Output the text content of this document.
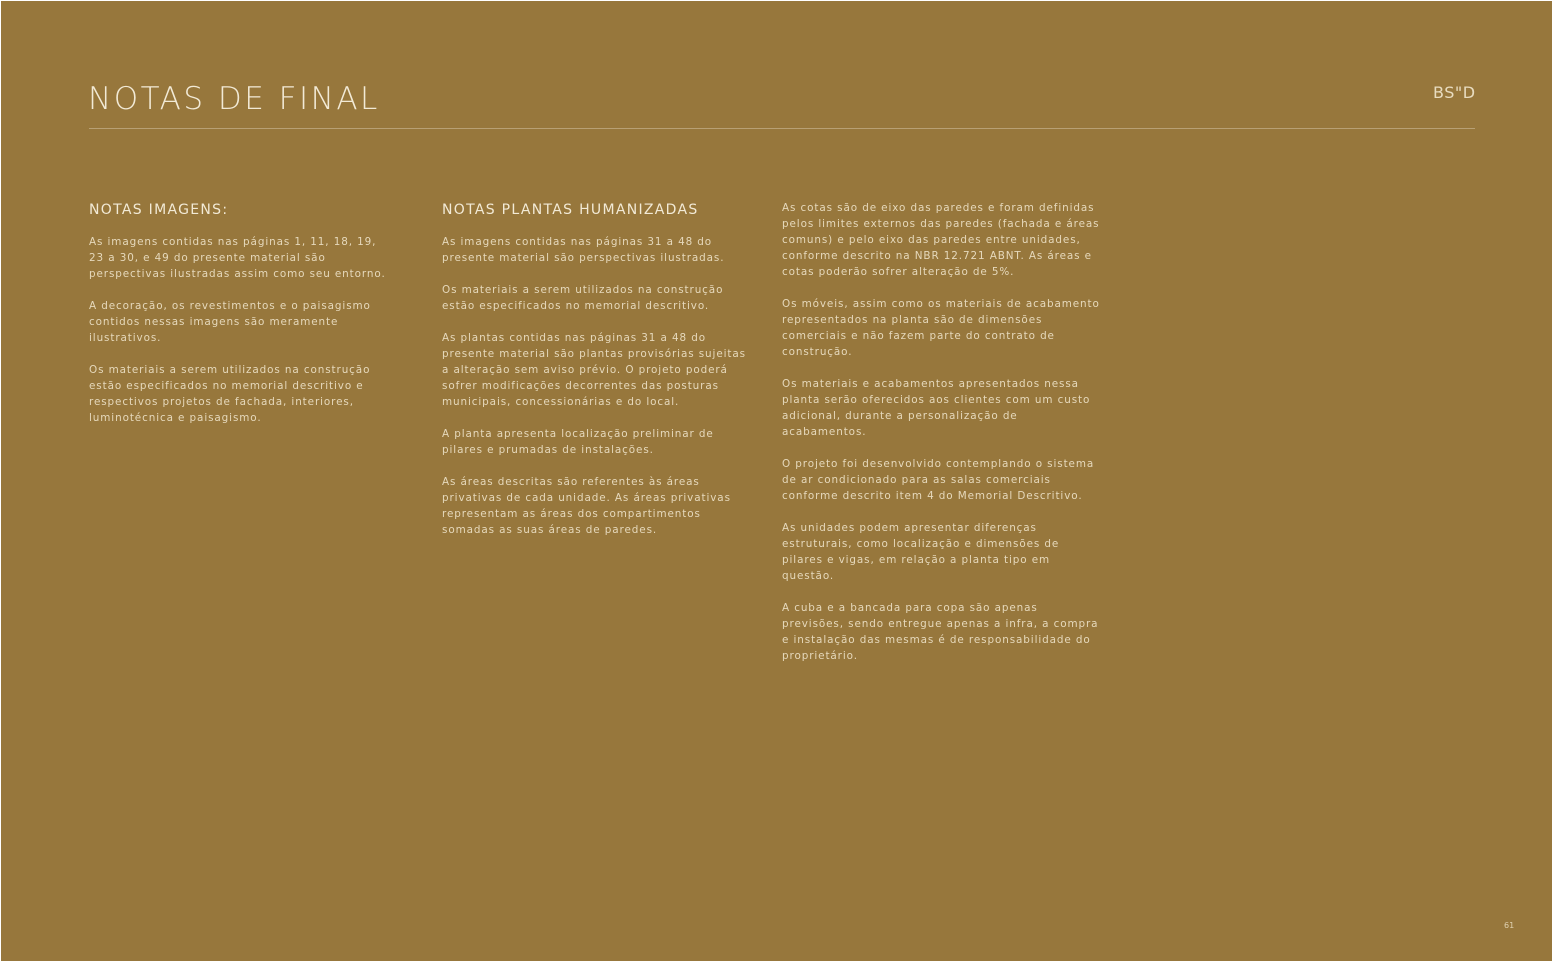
NOTAS DE FINAL	BS"D
NOTAS IMAGENS:

As imagens contidas nas páginas 1, 11, 18, 19, 23 a 30, e 49 do presente material são perspectivas ilustradas assim como seu entorno.

A decoração, os revestimentos e o paisagismo contidos nessas imagens são meramente ilustrativos.

Os materiais a serem utilizados na construção estão especificados no memorial descritivo e respectivos projetos de fachada, interiores, luminotécnica e paisagismo.

NOTAS PLANTAS HUMANIZADAS

As imagens contidas nas páginas 31 a 48 do presente material são perspectivas ilustradas.

Os materiais a serem utilizados na construção estão especificados no memorial descritivo.

As plantas contidas nas páginas 31 a 48 do presente material são plantas provisórias sujeitas a alteração sem aviso prévio. O projeto poderá sofrer modificações decorrentes das posturas municipais, concessionárias e do local.

A planta apresenta localização preliminar de pilares e prumadas de instalações.

As áreas descritas são referentes às áreas privativas de cada unidade. As áreas privativas representam as áreas dos compartimentos somadas as suas áreas de paredes.

As cotas são de eixo das paredes e foram definidas pelos limites externos das paredes (fachada e áreas comuns) e pelo eixo das paredes entre unidades, conforme descrito na NBR 12.721 ABNT. As áreas e cotas poderão sofrer alteração de 5%.

Os móveis, assim como os materiais de acabamento representados na planta são de dimensões comerciais e não fazem parte do contrato de construção.

Os materiais e acabamentos apresentados nessa planta serão oferecidos aos clientes com um custo adicional, durante a personalização de acabamentos.

O projeto foi desenvolvido contemplando o sistema de ar condicionado para as salas comerciais conforme descrito item 4 do Memorial Descritivo.

As unidades podem apresentar diferenças estruturais, como localização e dimensões de pilares e vigas, em relação a planta tipo em questão.

A cuba e a bancada para copa são apenas previsões, sendo entregue apenas a infra, a compra e instalação das mesmas é de responsabilidade do proprietário.

61
